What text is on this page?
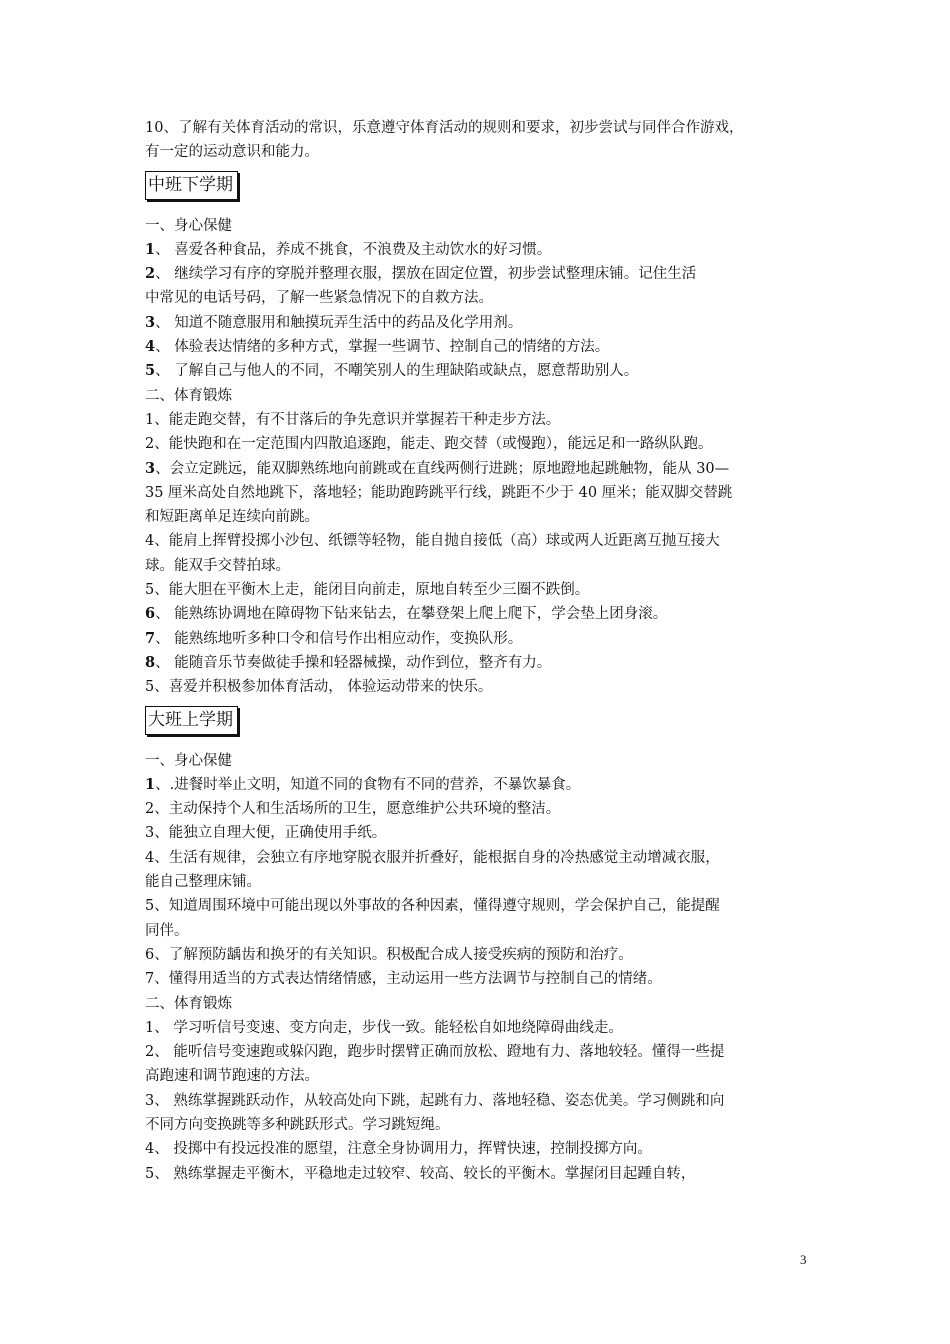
10、了解有关体育活动的常识，乐意遵守体育活动的规则和要求，初步尝试与同伴合作游戏，
有一定的运动意识和能力。
中班下学期
一、身心保健
1、 喜爱各种食品，养成不挑食，不浪费及主动饮水的好习惯。
2、 继续学习有序的穿脱并整理衣服，摆放在固定位置，初步尝试整理床铺。记住生活
中常见的电话号码，了解一些紧急情况下的自救方法。
3、 知道不随意服用和触摸玩弄生活中的药品及化学用剂。
4、 体验表达情绪的多种方式，掌握一些调节、控制自己的情绪的方法。
5、 了解自己与他人的不同，不嘲笑别人的生理缺陷或缺点，愿意帮助别人。
二、体育锻炼
1、能走跑交替，有不甘落后的争先意识并掌握若干种走步方法。
2、能快跑和在一定范围内四散追逐跑，能走、跑交替（或慢跑），能远足和一路纵队跑。
3、会立定跳远，能双脚熟练地向前跳或在直线两侧行进跳；原地蹬地起跳触物，能从 30—
35 厘米高处自然地跳下，落地轻；能助跑跨跳平行线，跳距不少于 40 厘米；能双脚交替跳
和短距离单足连续向前跳。
4、能肩上挥臂投掷小沙包、纸镖等轻物，能自抛自接低（高）球或两人近距离互抛互接大
球。能双手交替拍球。
5、能大胆在平衡木上走，能闭目向前走，原地自转至少三圈不跌倒。
6、 能熟练协调地在障碍物下钻来钻去，在攀登架上爬上爬下，学会垫上团身滚。
7、 能熟练地听多种口令和信号作出相应动作，变换队形。
8、 能随音乐节奏做徒手操和轻器械操，动作到位，整齐有力。
5、喜爱并积极参加体育活动， 体验运动带来的快乐。
大班上学期
一、身心保健
1、.进餐时举止文明，知道不同的食物有不同的营养，不暴饮暴食。
2、主动保持个人和生活场所的卫生，愿意维护公共环境的整洁。
3、能独立自理大便，正确使用手纸。
4、生活有规律，会独立有序地穿脱衣服并折叠好，能根据自身的冷热感觉主动增减衣服，
能自己整理床铺。
5、知道周围环境中可能出现以外事故的各种因素，懂得遵守规则，学会保护自己，能提醒
同伴。
6、了解预防龋齿和换牙的有关知识。积极配合成人接受疾病的预防和治疗。
7、懂得用适当的方式表达情绪情感，主动运用一些方法调节与控制自己的情绪。
二、体育锻炼
1、 学习听信号变速、变方向走，步伐一致。能轻松自如地绕障碍曲线走。
2、 能听信号变速跑或躲闪跑，跑步时摆臂正确而放松、蹬地有力、落地较轻。懂得一些提
高跑速和调节跑速的方法。
3、 熟练掌握跳跃动作，从较高处向下跳，起跳有力、落地轻稳、姿态优美。学习侧跳和向
不同方向变换跳等多种跳跃形式。学习跳短绳。
4、 投掷中有投远投准的愿望，注意全身协调用力，挥臂快速，控制投掷方向。
5、 熟练掌握走平衡木，平稳地走过较窄、较高、较长的平衡木。掌握闭目起踵自转，
3
